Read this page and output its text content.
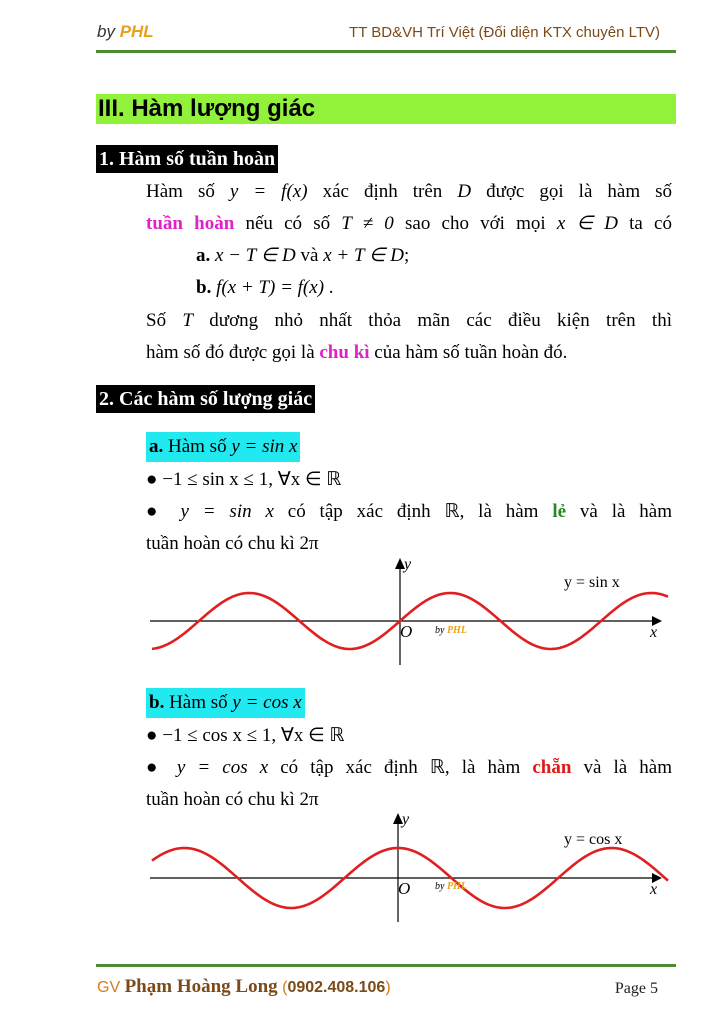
by PHL	TT BD&VH Trí Việt (Đối diện KTX chuyên LTV)
III. Hàm lượng giác
1. Hàm số tuần hoàn
Hàm số y = f(x) xác định trên D được gọi là hàm số
tuần hoàn nếu có số T ≠ 0 sao cho với mọi x ∈ D ta có
a. x − T ∈ D và x + T ∈ D;
b. f(x + T) = f(x) .
Số T dương nhỏ nhất thỏa mãn các điều kiện trên thì
hàm số đó được gọi là chu kì của hàm số tuần hoàn đó.
2. Các hàm số lượng giác
a. Hàm số y = sin x
● −1 ≤ sin x ≤ 1, ∀x ∈ ℝ
● y = sin x có tập xác định ℝ, là hàm lẻ và là hàm
tuần hoàn có chu kì 2π
y
x
O by PHL
y = sin x
b. Hàm số y = cos x
● −1 ≤ cos x ≤ 1, ∀x ∈ ℝ
● y = cos x có tập xác định ℝ, là hàm chẵn và là hàm
tuần hoàn có chu kì 2π
y
x
O by PHL
y = cos x
GV Phạm Hoàng Long (0902.408.106)	Page 5
